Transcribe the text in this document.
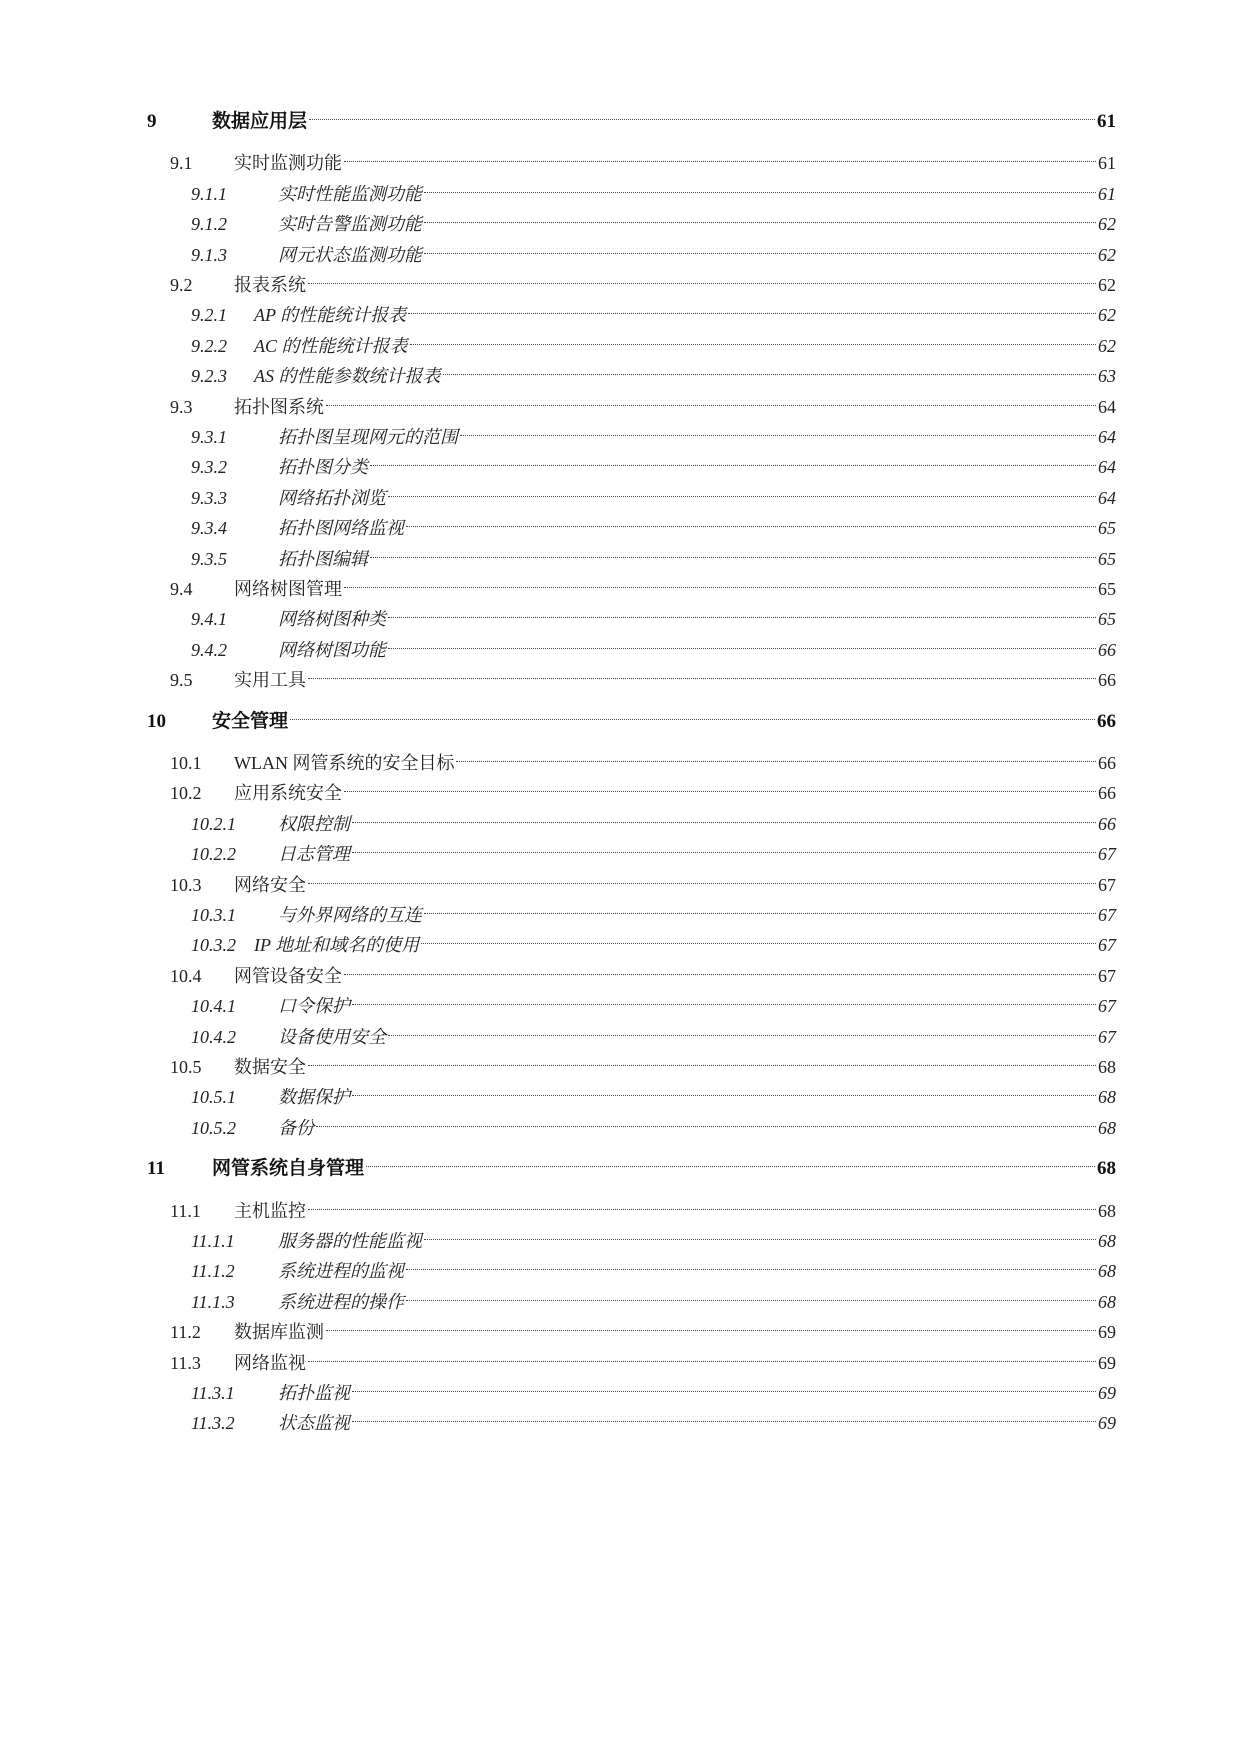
9	数据应用层	61
9.1 实时监测功能	61
9.1.1	实时性能监测功能	61
9.1.2	实时告警监测功能	62
9.1.3	网元状态监测功能	62
9.2 报表系统	62
9.2.1 AP 的性能统计报表	62
9.2.2 AC 的性能统计报表	62
9.2.3 AS 的性能参数统计报表	63
9.3 拓扑图系统	64
9.3.1	拓扑图呈现网元的范围	64
9.3.2	拓扑图分类	64
9.3.3	网络拓扑浏览	64
9.3.4	拓扑图网络监视	65
9.3.5	拓扑图编辑	65
9.4 网络树图管理	65
9.4.1	网络树图种类	65
9.4.2	网络树图功能	66
9.5 实用工具	66
10 安全管理	66
10.1 WLAN 网管系统的安全目标	66
10.2 应用系统安全	66
10.2.1 权限控制	66
10.2.2 日志管理	67
10.3 网络安全	67
10.3.1 与外界网络的互连	67
10.3.2 IP 地址和域名的使用	67
10.4 网管设备安全	67
10.4.1 口令保护	67
10.4.2 设备使用安全	67
10.5 数据安全	68
10.5.1 数据保护	68
10.5.2 备份	68
11 网管系统自身管理	68
11.1 主机监控	68
11.1.1 服务器的性能监视	68
11.1.2 系统进程的监视	68
11.1.3 系统进程的操作	68
11.2 数据库监测	69
11.3 网络监视	69
11.3.1 拓扑监视	69
11.3.2 状态监视	69
